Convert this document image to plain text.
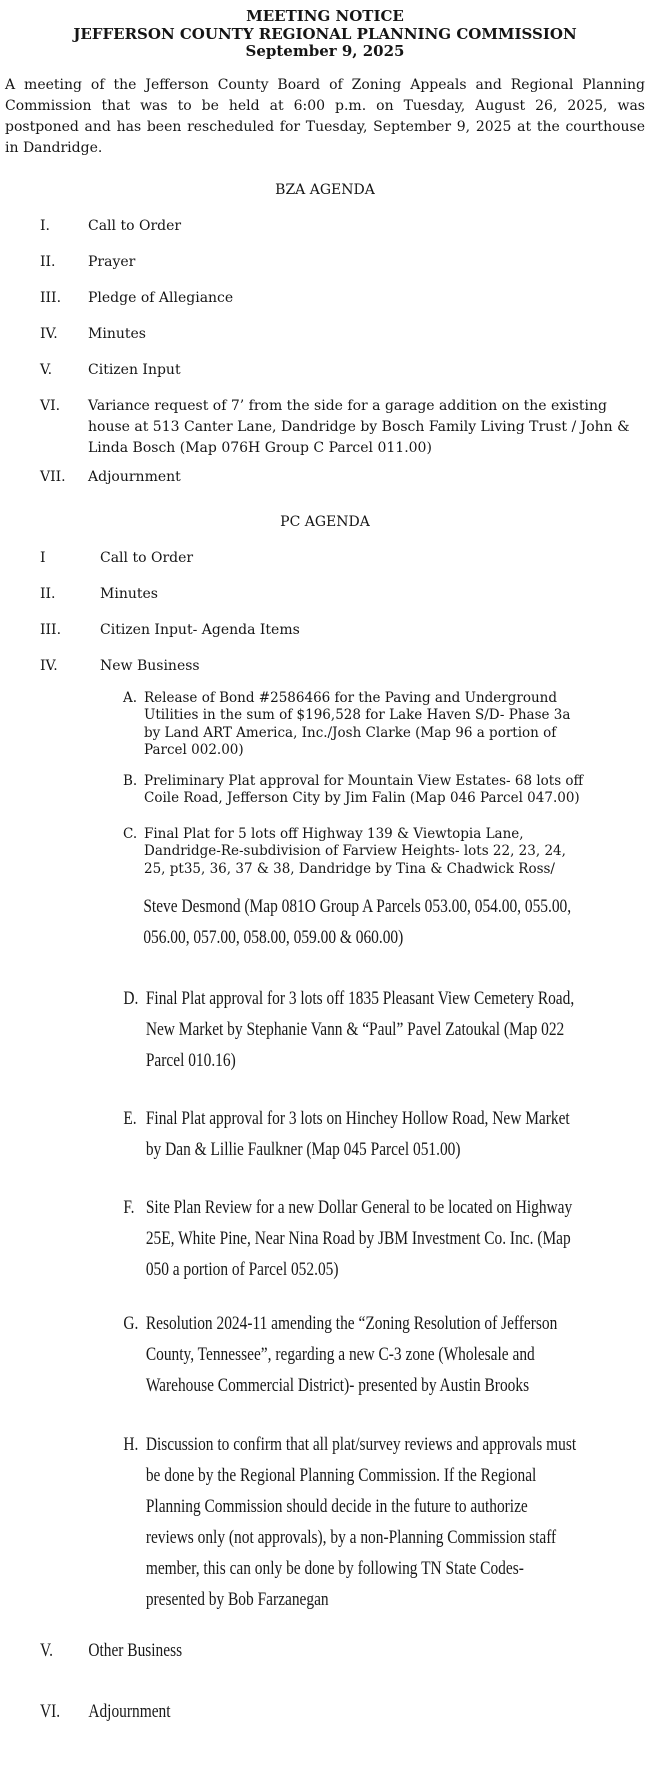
MEETING NOTICE
JEFFERSON COUNTY REGIONAL PLANNING COMMISSION
September 9, 2025

A meeting of the Jefferson County Board of Zoning Appeals and Regional Planning Commission that was to be held at 6:00 p.m. on Tuesday, August 26, 2025, was postponed and has been rescheduled for Tuesday, September 9, 2025 at the courthouse in Dandridge.

BZA AGENDA
I.	Call to Order
II.	Prayer
III.	Pledge of Allegiance
IV.	Minutes
V.	Citizen Input
VI.	Variance request of 7’ from the side for a garage addition on the existing house at 513 Canter Lane, Dandridge by Bosch Family Living Trust / John & Linda Bosch (Map 076H Group C Parcel 011.00)
VII.	Adjournment
PC AGENDA
I	Call to Order
II.	Minutes
III.	Citizen Input- Agenda Items
IV.	New Business
A. Release of Bond #2586466 for the Paving and Underground Utilities in the sum of $196,528 for Lake Haven S/D- Phase 3a by Land ART America, Inc./Josh Clarke (Map 96 a portion of Parcel 002.00)
B. Preliminary Plat approval for Mountain View Estates- 68 lots off Coile Road, Jefferson City by Jim Falin (Map 046 Parcel 047.00)
C. Final Plat for 5 lots off Highway 139 & Viewtopia Lane, Dandridge-Re-subdivision of Farview Heights- lots 22, 23, 24, 25, pt35, 36, 37 & 38, Dandridge by Tina & Chadwick Ross/
Steve Desmond (Map 081O Group A Parcels 053.00, 054.00, 055.00, 056.00, 057.00, 058.00, 059.00 & 060.00)
D. Final Plat approval for 3 lots off 1835 Pleasant View Cemetery Road, New Market by Stephanie Vann & “Paul” Pavel Zatoukal (Map 022 Parcel 010.16)
E. Final Plat approval for 3 lots on Hinchey Hollow Road, New Market by Dan & Lillie Faulkner (Map 045 Parcel 051.00)
F. Site Plan Review for a new Dollar General to be located on Highway 25E, White Pine, Near Nina Road by JBM Investment Co. Inc. (Map 050 a portion of Parcel 052.05)
G. Resolution 2024-11 amending the “Zoning Resolution of Jefferson County, Tennessee”, regarding a new C-3 zone (Wholesale and Warehouse Commercial District)- presented by Austin Brooks
H. Discussion to confirm that all plat/survey reviews and approvals must be done by the Regional Planning Commission. If the Regional Planning Commission should decide in the future to authorize reviews only (not approvals), by a non-Planning Commission staff member, this can only be done by following TN State Codes- presented by Bob Farzanegan
V.	Other Business
VI.	Adjournment
